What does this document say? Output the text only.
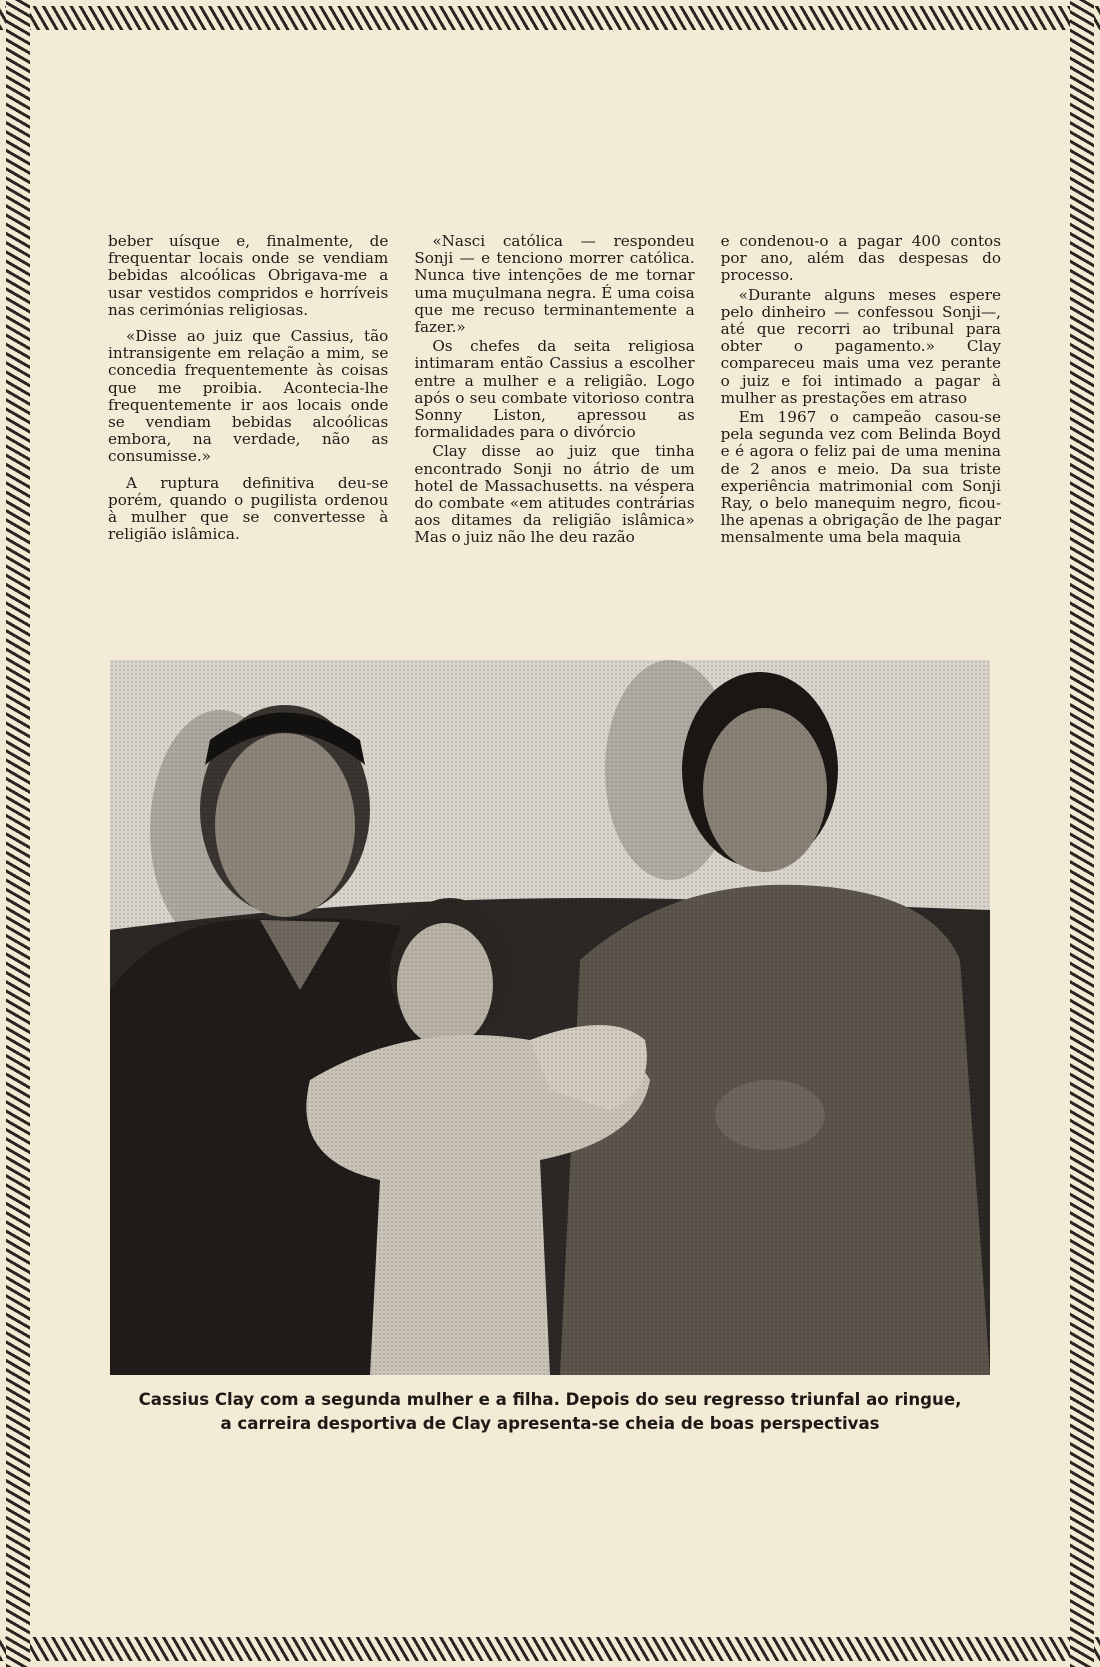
beber uísque e, finalmente, de frequentar locais onde se vendiam bebidas alcoólicas Obrigava-me a usar vestidos compridos e horríveis nas cerimónias religiosas.

«Disse ao juiz que Cassius, tão intransigente em relação a mim, se concedia frequentemente às coisas que me proibia. Acontecia-lhe frequentemente ir aos locais onde se vendiam bebidas alcoólicas embora, na verdade, não as consumisse.»

A ruptura definitiva deu-se porém, quando o pugilista ordenou à mulher que se convertesse à religião islâmica.

«Nasci católica — respondeu Sonji — e tenciono morrer católica. Nunca tive intenções de me tornar uma muçulmana negra. É uma coisa que me recuso terminantemente a fazer.»

Os chefes da seita religiosa intimaram então Cassius a escolher entre a mulher e a religião. Logo após o seu combate vitorioso contra Sonny Liston, apressou as formalidades para o divórcio

Clay disse ao juiz que tinha encontrado Sonji no átrio de um hotel de Massachusetts. na véspera do combate «em atitudes contrárias aos ditames da religião islâmica» Mas o juiz não lhe deu razão

e condenou-o a pagar 400 contos por ano, além das despesas do processo.

«Durante alguns meses espere pelo dinheiro — confessou Sonji—, até que recorri ao tribunal para obter o pagamento.» Clay compareceu mais uma vez perante o juiz e foi intimado a pagar à mulher as prestações em atraso

Em 1967 o campeão casou-se pela segunda vez com Belinda Boyd e é agora o feliz pai de uma menina de 2 anos e meio. Da sua triste experiência matrimonial com Sonji Ray, o belo manequim negro, ficou-lhe apenas a obrigação de lhe pagar mensalmente uma bela maquia

Cassius Clay com a segunda mulher e a filha. Depois do seu regresso triunfal ao ringue,
a carreira desportiva de Clay apresenta-se cheia de boas perspectivas
